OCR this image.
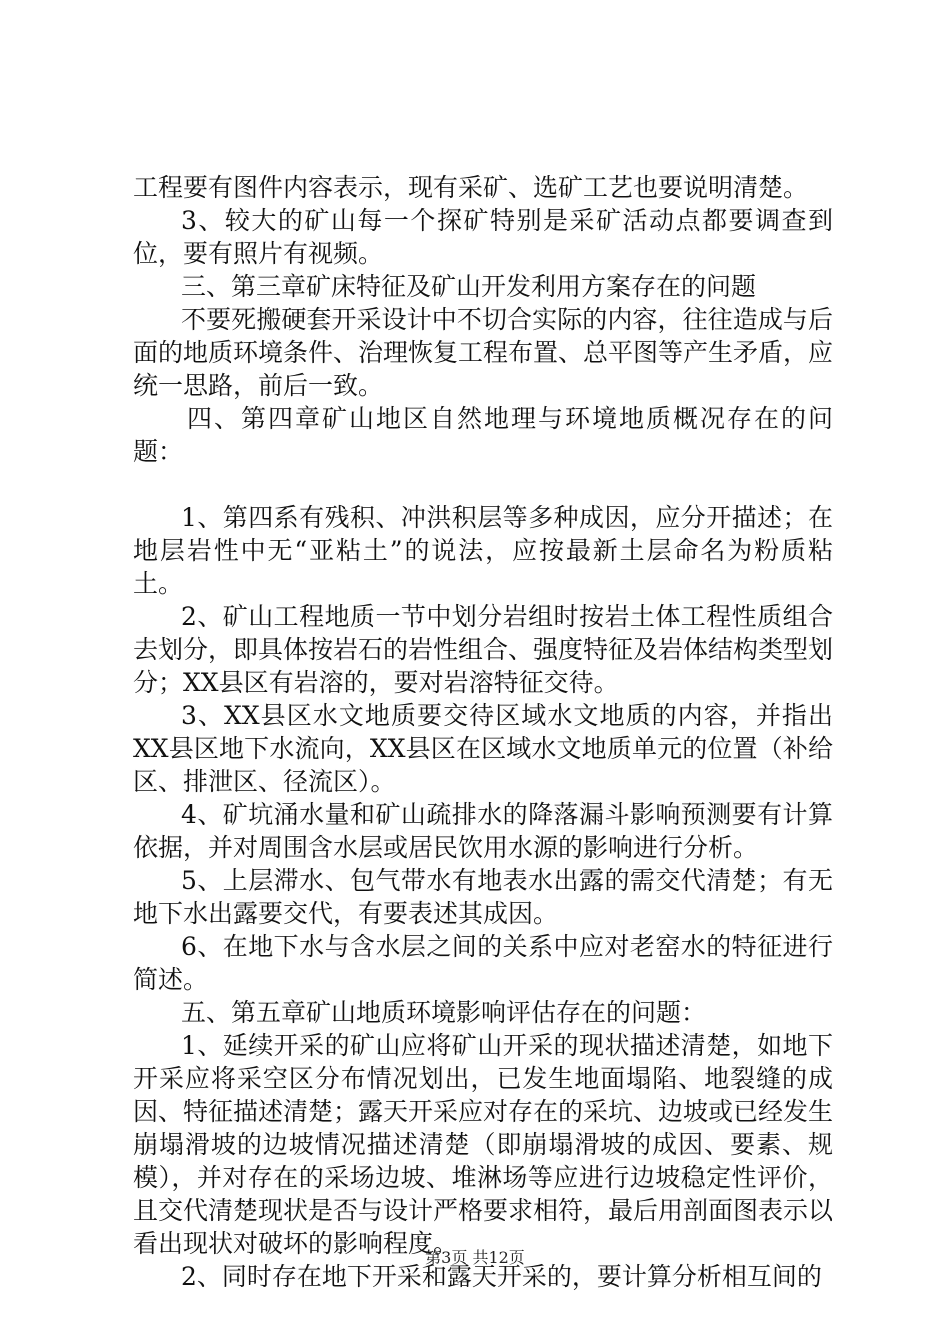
工程要有图件内容表示，现有采矿、选矿工艺也要说明清楚。

3、较大的矿山每一个探矿特别是采矿活动点都要调查到位，要有照片有视频。

三、第三章矿床特征及矿山开发利用方案存在的问题

不要死搬硬套开采设计中不切合实际的内容，往往造成与后面的地质环境条件、治理恢复工程布置、总平图等产生矛盾，应统一思路，前后一致。

四、第四章矿山地区自然地理与环境地质概况存在的问题：

1、第四系有残积、冲洪积层等多种成因，应分开描述；在地层岩性中无“亚粘土”的说法，应按最新土层命名为粉质粘土。

2、矿山工程地质一节中划分岩组时按岩土体工程性质组合去划分，即具体按岩石的岩性组合、强度特征及岩体结构类型划分；XX县区有岩溶的，要对岩溶特征交待。

3、XX县区水文地质要交待区域水文地质的内容，并指出XX县区地下水流向，XX县区在区域水文地质单元的位置（补给区、排泄区、径流区）。

4、矿坑涌水量和矿山疏排水的降落漏斗影响预测要有计算依据，并对周围含水层或居民饮用水源的影响进行分析。

5、上层滞水、包气带水有地表水出露的需交代清楚；有无地下水出露要交代，有要表述其成因。

6、在地下水与含水层之间的关系中应对老窑水的特征进行简述。

五、第五章矿山地质环境影响评估存在的问题：

1、延续开采的矿山应将矿山开采的现状描述清楚，如地下开采应将采空区分布情况划出，已发生地面塌陷、地裂缝的成因、特征描述清楚；露天开采应对存在的采坑、边坡或已经发生崩塌滑坡的边坡情况描述清楚（即崩塌滑坡的成因、要素、规模），并对存在的采场边坡、堆淋场等应进行边坡稳定性评价，且交代清楚现状是否与设计严格要求相符，最后用剖面图表示以看出现状对破坏的影响程度。

2、同时存在地下开采和露天开采的，要计算分析相互间的

第3页 共12页
